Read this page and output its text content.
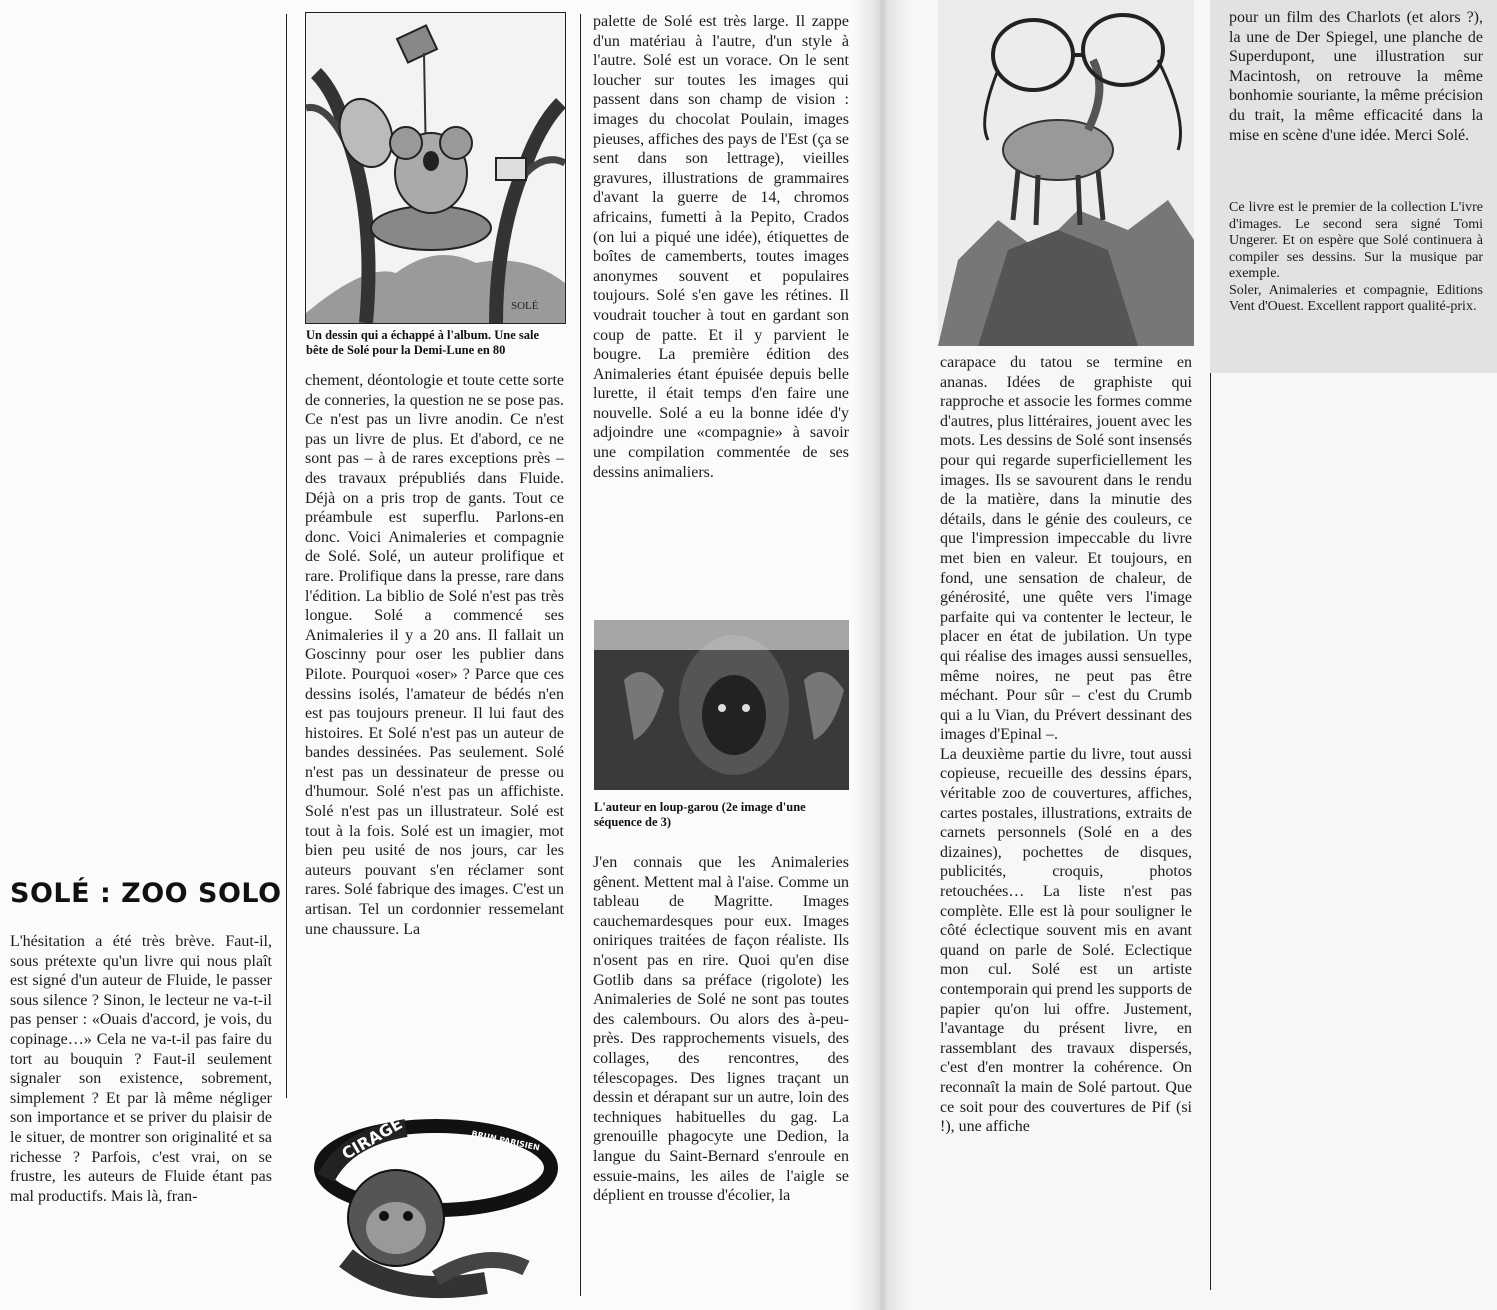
SOLÉ : ZOO SOLO

L'hésitation a été très brève. Faut-il, sous prétexte qu'un livre qui nous plaît est signé d'un auteur de Fluide, le passer sous silence ? Sinon, le lecteur ne va-t-il pas penser : «Ouais d'accord, je vois, du copinage…» Cela ne va-t-il pas faire du tort au bouquin ? Faut-il seulement signaler son existence, sobrement, simplement ? Et par là même négliger son importance et se priver du plaisir de le situer, de montrer son originalité et sa richesse ? Parfois, c'est vrai, on se frustre, les auteurs de Fluide étant pas mal productifs. Mais là, fran-

SOLÉ
Un dessin qui a échappé à l'album. Une sale bête de Solé pour la Demi-Lune en 80

chement, déontologie et toute cette sorte de conneries, la question ne se pose pas. Ce n'est pas un livre anodin. Ce n'est pas un livre de plus. Et d'abord, ce ne sont pas – à de rares exceptions près – des travaux prépubliés dans Fluide. Déjà on a pris trop de gants. Tout ce préambule est superflu. Parlons-en donc. Voici Animaleries et compagnie de Solé. Solé, un auteur prolifique et rare. Prolifique dans la presse, rare dans l'édition. La biblio de Solé n'est pas très longue. Solé a commencé ses Animaleries il y a 20 ans. Il fallait un Goscinny pour oser les publier dans Pilote. Pourquoi «oser» ? Parce que ces dessins isolés, l'amateur de bédés n'en est pas toujours preneur. Il lui faut des histoires. Et Solé n'est pas un auteur de bandes dessinées. Pas seulement. Solé n'est pas un dessinateur de presse ou d'humour. Solé n'est pas un affichiste. Solé n'est pas un illustrateur. Solé est tout à la fois. Solé est un imagier, mot bien peu usité de nos jours, car les auteurs pouvant s'en réclamer sont rares. Solé fabrique des images. C'est un artisan. Tel un cordonnier ressemelant une chaussure. La

CIRAGE	BRUN PARISIEN

palette de Solé est très large. Il zappe d'un matériau à l'autre, d'un style à l'autre. Solé est un vorace. On le sent loucher sur toutes les images qui passent dans son champ de vision : images du chocolat Poulain, images pieuses, affiches des pays de l'Est (ça se sent dans son lettrage), vieilles gravures, illustrations de grammaires d'avant la guerre de 14, chromos africains, fumetti à la Pepito, Crados (on lui a piqué une idée), étiquettes de boîtes de camemberts, toutes images anonymes souvent et populaires toujours. Solé s'en gave les rétines. Il voudrait toucher à tout en gardant son coup de patte. Et il y parvient le bougre. La première édition des Animaleries étant épuisée depuis belle lurette, il était temps d'en faire une nouvelle. Solé a eu la bonne idée d'y adjoindre une «compagnie» à savoir une compilation commentée de ses dessins animaliers.

L'auteur en loup-garou (2e image d'une séquence de 3)

J'en connais que les Animaleries gênent. Mettent mal à l'aise. Comme un tableau de Magritte. Images cauchemardesques pour eux. Images oniriques traitées de façon réaliste. Ils n'osent pas en rire. Quoi qu'en dise Gotlib dans sa préface (rigolote) les Animaleries de Solé ne sont pas toutes des calembours. Ou alors des à-peu-près. Des rapprochements visuels, des collages, des rencontres, des télescopages. Des lignes traçant un dessin et dérapant sur un autre, loin des techniques habituelles du gag. La grenouille phagocyte une Dedion, la langue du Saint-Bernard s'enroule en essuie-mains, les ailes de l'aigle se déplient en trousse d'écolier, la

carapace du tatou se termine en ananas. Idées de graphiste qui rapproche et associe les formes comme d'autres, plus littéraires, jouent avec les mots. Les dessins de Solé sont insensés pour qui regarde superficiellement les images. Ils se savourent dans le rendu de la matière, dans la minutie des détails, dans le génie des couleurs, ce que l'impression impeccable du livre met bien en valeur. Et toujours, en fond, une sensation de chaleur, de générosité, une quête vers l'image parfaite qui va contenter le lecteur, le placer en état de jubilation. Un type qui réalise des images aussi sensuelles, même noires, ne peut pas être méchant. Pour sûr – c'est du Crumb qui a lu Vian, du Prévert dessinant des images d'Epinal –.

La deuxième partie du livre, tout aussi copieuse, recueille des dessins épars, véritable zoo de couvertures, affiches, cartes postales, illustrations, extraits de carnets personnels (Solé en a des dizaines), pochettes de disques, publicités, croquis, photos retouchées… La liste n'est pas complète. Elle est là pour souligner le côté éclectique souvent mis en avant quand on parle de Solé. Eclectique mon cul. Solé est un artiste contemporain qui prend les supports de papier qu'on lui offre. Justement, l'avantage du présent livre, en rassemblant des travaux dispersés, c'est d'en montrer la cohérence. On reconnaît la main de Solé partout. Que ce soit pour des couvertures de Pif (si !), une affiche

pour un film des Charlots (et alors ?), la une de Der Spiegel, une planche de Superdupont, une illustration sur Macintosh, on retrouve la même bonhomie souriante, la même précision du trait, la même efficacité dans la mise en scène d'une idée. Merci Solé.

Ce livre est le premier de la collection L'ivre d'images. Le second sera signé Tomi Ungerer. Et on espère que Solé continuera à compiler ses dessins. Sur la musique par exemple.

Soler, Animaleries et compagnie, Editions Vent d'Ouest. Excellent rapport qualité-prix.
